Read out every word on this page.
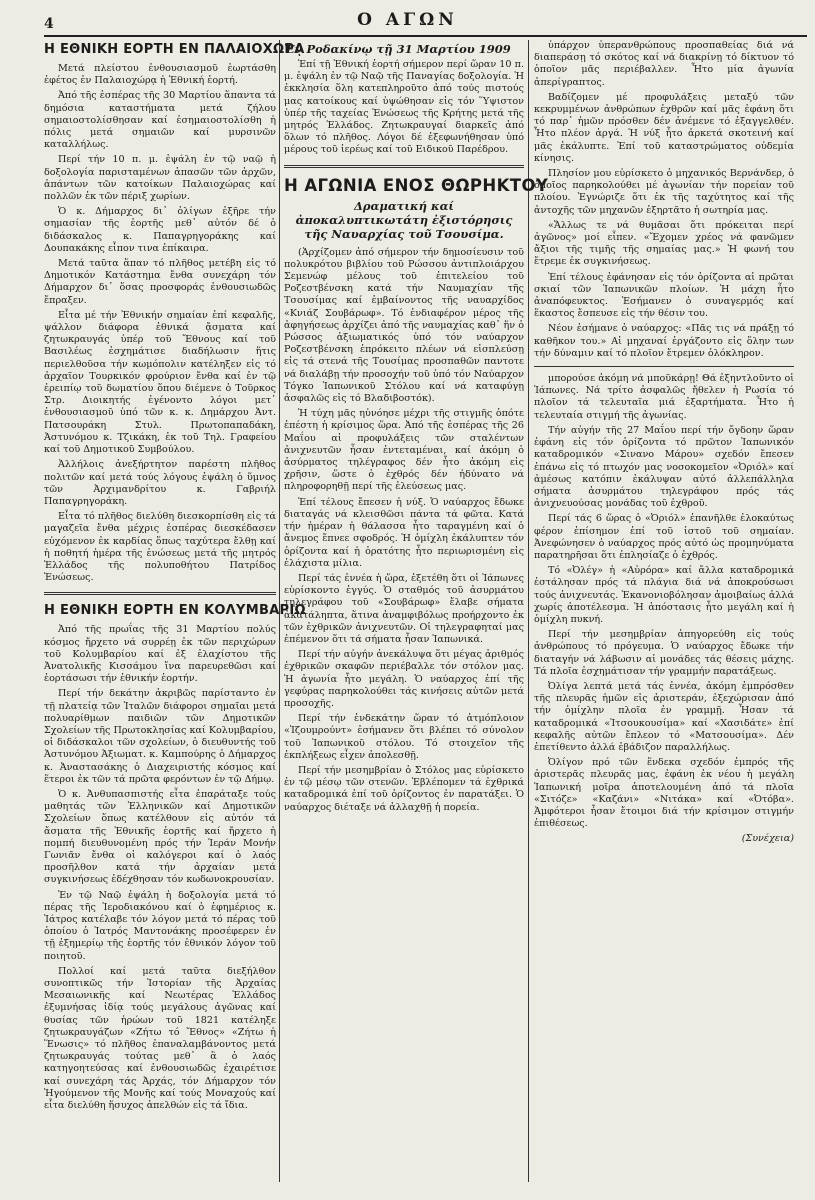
4	Ο ΑΓΩΝ
Η ΕΘΝΙΚΗ ΕΟΡΤΗ ΕΝ ΠΑΛΑΙΟΧΩΡᾼ

Μετά πλείστου ἐνθουσιασμοῦ ἑωρτάσθη ἐφέτος ἐν Παλαιοχώρᾳ ἡ Ἐθνική ἑορτή.

Ἀπό τῆς ἑσπέρας τῆς 30 Μαρτίου ἅπαντα τά δημόσια καταστήματα μετά ζήλου σημαιοστολίσθησαν καί ἐσημαιοστολίσθη ἡ πόλις μετά σημαιῶν καί μυρσινῶν καταλλήλως.

Περί τήν 10 π. μ. ἐψάλη ἐν τῷ ναῷ ἡ δοξολογία παρισταμένων ἁπασῶν τῶν ἀρχῶν, ἁπάντων τῶν κατοίκων Παλαιοχώρας καί πολλῶν ἐκ τῶν πέριξ χωρίων.

Ὁ κ. Δήμαρχος δι᾽ ὀλίγων ἐξῆρε τήν σημασίαν τῆς ἑορτῆς μεθ᾽ αὐτόν δέ ὁ διδάσκαλος κ. Παπαγρηγοράκης καί Δουπακάκης εἶπον τινα ἐπίκαιρα.

Μετά ταῦτα ἅπαν τό πλῆθος μετέβη εἰς τό Δημοτικόν Κατάστημα ἔνθα συνεχάρη τόν Δήμαρχον δι᾽ ὅσας προσφοράς ἐνθουσιωδῶς ἔπραξεν.

Εἶτα μέ τήν Ἐθνικήν σημαίαν ἐπί κεφαλῆς, ψάλλον διάφορα ἐθνικά ᾄσματα καί ζητωκραυγάς ὑπέρ τοῦ Ἔθνους καί τοῦ Βασιλέως ἐσχημάτισε διαδήλωσιν ἥτις περιελθοῦσα τήν κωμόπολιν κατέληξεν εἰς τό ἀρχαῖον Τουρκικόν φρούριον ἔνθα καί ἐν τῷ ἐρειπίῳ τοῦ δωματίου ὅπου διέμενε ὁ Τοῦρκος Στρ. Διοικητής ἐγένοντο λόγοι μετ᾽ ἐνθουσιασμοῦ ὑπό τῶν κ. κ. Δημάρχου Ἀντ. Πατσουράκη Στυλ. Πρωτοπαπαδάκη, Ἀστυνόμου κ. Τζικάκη, ἐκ τοῦ Τηλ. Γραφείου καί τοῦ Δημοτικοῦ Συμβούλου.

Ἀλλήλοις ἀνεξήρτητον παρέστη πλῆθος πολιτῶν καί μετά τούς λόγους ἐψάλη ὁ ὕμνος τῶν Ἀρχιμανδρίτου κ. Γαβριήλ Παπαγρηγοράκη.

Εἶτα τό πλῆθος διελύθη διεσκορπίσθη εἰς τά μαγαζεῖα ἔνθα μέχρις ἑσπέρας διεσκέδασεν εὐχόμενον ἐκ καρδίας ὅπως ταχύτερα ἔλθῃ καί ἡ ποθητή ἡμέρα τῆς ἑνώσεως μετά τῆς μητρός Ἑλλάδος τῆς πολυποθήτου Πατρίδος Ἑνώσεως.

Η ΕΘΝΙΚΗ ΕΟΡΤΗ ΕΝ ΚΟΛΥΜΒΑΡΙΩ

Ἀπό τῆς πρωΐας τῆς 31 Μαρτίου πολύς κόσμος ἤρχετο νά συρρέῃ ἐκ τῶν περιχώρων τοῦ Κολυμβαρίου καί ἐξ ἐλαχίστου τῆς Ἀνατολικῆς Κισσάμου ἵνα παρευρεθῶσι καί ἑορτάσωσι τήν ἐθνικήν ἑορτήν.

Περί τήν δεκάτην ἀκριβῶς παρίσταντο ἐν τῇ πλατείᾳ τῶν Ἰταλῶν διάφοροι σημαῖαι μετά πολυαρίθμων παιδιῶν τῶν Δημοτικῶν Σχολείων τῆς Πρωτοκλησίας καί Κολυμβαρίου, οἱ διδάσκαλοι τῶν σχολείων, ὁ διευθυντής τοῦ Ἀστυνόμου Ἀξιωματ. κ. Καμπούρης ὁ Δήμαρχος κ. Ἀναστασάκης ὁ Διαχειριστής κόσμος καί ἕτεροι ἐκ τῶν τά πρῶτα φερόντων ἐν τῷ Δήμῳ.

Ὁ κ. Ἀνθυπασπιστής εἶτα ἐπαράταξε τούς μαθητάς τῶν Ἑλληνικῶν καί Δημοτικῶν Σχολείων ὅπως κατέλθουν εἰς αὐτόν τά ἄσματα τῆς Ἐθνικῆς ἑορτῆς καί ἤρχετο ἡ πομπή διευθυνομένη πρός τήν Ἱεράν Μονήν Γωνιᾶν ἔνθα οἱ καλόγεροι καί ὁ λαός προσῆλθον κατά τήν ἀρχαίαν μετά συγκινήσεως ἐδέχθησαν τόν κωδωνοκρουσίαν.

Ἐν τῷ Ναῷ ἐψάλη ἡ δοξολογία μετά τό πέρας τῆς Ἱεροδιακόνου καί ὁ ἐφημέριος κ. Ἰάτρος κατέλαβε τόν λόγον μετά τό πέρας τοῦ ὁποίου ὁ Ἰατρός Μαντονάκης προσέφερεν ἐν τῇ ἐξημερίῳ τῆς ἑορτῆς τόν ἐθνικόν λόγον τοῦ ποιητοῦ.

Πολλοί καί μετά ταῦτα διεξήλθον συνοπτικῶς τήν Ἱστορίαν τῆς Ἀρχαίας Μεσαιωνικῆς καί Νεωτέρας Ἑλλάδος ἐξυμνήσας ἰδίᾳ τούς μεγάλους ἀγῶνας καί θυσίας τῶν ἡρώων τοῦ 1821 κατέληξε ζητωκραυγάζων «Ζήτω τό Ἔθνος» «Ζήτω ἡ Ἕνωσις» τό πλῆθος ἐπαναλαμβάνοντος μετά ζητωκραυγάς τούτας μεθ᾽ ἃ ὁ λαός κατηγοητεύσας καί ἐνθουσιωδῶς ἐχαιρέτισε καί συνεχάρη τάς Ἀρχάς, τόν Δήμαρχον τόν Ἡγούμενον τῆς Μονῆς καί τούς Μοναχούς καί εἶτα διελύθη ἥσυχος ἀπελθών εἰς τά ἴδια.

Ἐν Ροδακίνῳ τῇ 31 Μαρτίου 1909

Ἐπί τῇ Ἐθνική ἑορτή σήμερον περί ὥραν 10 π. μ. ἐψάλη ἐν τῷ Ναῷ τῆς Παναγίας δοξολογία. Ἡ ἐκκλησία ὅλη κατεπληροῦτο ἀπό τούς πιστούς μας κατοίκους καί ὑψώθησαν εἰς τόν Ὕψιστον ὑπέρ τῆς ταχείας Ἑνώσεως τῆς Κρήτης μετά τῆς μητρός Ἑλλάδος. Ζητωκραυγαί διαρκεῖς ἀπό ὅλων τό πλῆθος. Λόγοι δέ ἐξεφωνήθησαν ὑπό μέρους τοῦ ἱερέως καί τοῦ Ειδικοῦ Παρέδρου.

Η ΑΓΩΝΙΑ ΕΝΟΣ ΘΩΡΗΚΤΟΥ
Δραματική καί ἀποκαλυπτικωτάτη ἐξιστόρησις τῆς Ναυαρχίας τοῦ Τσουσίμα.

(Ἀρχίζομεν ἀπό σήμερον τήν δημοσίευσιν τοῦ πολυκρότου βιβλίου τοῦ Ρώσσου ἀντιπλοιάρχου Σεμενώφ μέλους τοῦ ἐπιτελείου τοῦ Ροζεστβένσκη κατά τήν Ναυμαχίαν τῆς Τσουσίμας καί ἐμβαίνοντος τῆς ναυαρχίδος «Κνιάζ Σουβάρωφ». Τό ἐνδιαφέρον μέρος τῆς ἀφηγήσεως ἀρχίζει ἀπό τῆς ναυμαχίας καθ᾽ ἥν ὁ Ρώσσος ἀξιωματικός ὑπό τόν ναύαρχον Ροζεστβένσκη ἐπρόκειτο πλέων νά εἰσπλεύσῃ εἰς τά στενά τῆς Τουσίμας προσπαθῶν παντοτε νά διαλάβῃ τήν προσοχήν τοῦ ὑπό τόν Ναύαρχον Τόγκο Ἰαπωνικοῦ Στόλου καί νά καταφύγῃ ἀσφαλῶς εἰς τό Βλαδιβοστόκ).

Ἡ τύχη μᾶς ηὐνόησε μέχρι τῆς στιγμῆς ὁπότε ἐπέστη ἡ κρίσιμος ὥρα. Ἀπό τῆς ἑσπέρας τῆς 26 Μαΐου αἱ προφυλάξεις τῶν σταλέντων ἀνιχνευτῶν ἦσαν ἐντεταμέναι, καί ἀκόμη ὁ ἀσύρματος τηλέγραφος δέν ἦτο ἀκόμη εἰς χρῆσιν, ὥστε ὁ ἐχθρός δέν ἠδύνατο νά πληροφορηθῇ περί τῆς ἐλεύσεως μας.

Ἐπί τέλους ἔπεσεν ἡ νύξ. Ὁ ναύαρχος ἔδωκε διαταγάς νά κλεισθῶσι πάντα τά φῶτα. Κατά τήν ἡμέραν ἡ θάλασσα ἦτο ταραγμένη καί ὁ ἄνεμος ἔπνεε σφοδρός. Ἡ ὁμίχλη ἐκάλυπτεν τόν ὁρίζοντα καί ἡ ὁρατότης ἦτο περιωρισμένη εἰς ἐλάχιστα μίλια.

Περί τάς ἐννέα ἡ ὥρα, ἐξετέθη ὅτι οἱ Ἰάπωνες εὑρίσκοντο ἐγγύς. Ὁ σταθμός τοῦ ἀσυρμάτου τηλεγράφου τοῦ «Σουβάρωφ» ἔλαβε σήματα ἀκατάληπτα, ἅτινα ἀναμφιβόλως προήρχοντο ἐκ τῶν ἐχθρικῶν ἀνιχνευτῶν. Οἱ τηλεγραφηταί μας ἐπέμενον ὅτι τά σήματα ἦσαν Ἰαπωνικά.

Περί τήν αὐγήν ἀνεκάλυψα ὅτι μέγας ἀριθμός ἐχθρικῶν σκαφῶν περιέβαλλε τόν στόλον μας. Ἡ ἀγωνία ἦτο μεγάλη. Ὁ ναύαρχος ἐπί τῆς γεφύρας παρηκολούθει τάς κινήσεις αὐτῶν μετά προσοχῆς.

Περί τήν ἑνδεκάτην ὥραν τό ἀτμόπλοιον «Ἰζουμρούντ» ἐσήμανεν ὅτι βλέπει τό σύνολον τοῦ Ἰαπωνικοῦ στόλου. Τό στοιχεῖον τῆς ἐκπλήξεως εἶχεν ἀπολεσθῇ.

Περί τήν μεσημβρίαν ὁ Στόλος μας εὑρίσκετο ἐν τῷ μέσῳ τῶν στενῶν. Ἐβλέπομεν τά ἐχθρικά καταδρομικά ἐπί τοῦ ὁρίζοντος ἐν παρατάξει. Ὁ ναύαρχος διέταξε νά ἀλλαχθῇ ἡ πορεία.

ὑπάρχον ὑπερανθρώπους προσπαθείας διά νά διαπεράσῃ τό σκότος καί νά διακρίνῃ τό δίκτυον τό ὁποῖον μᾶς περιέβαλλεν. Ἦτο μία ἀγωνία ἀπερίγραπτος.

Βαδίζομεν μέ προφυλάξεις μεταξύ τῶν κεκρυμμένων ἀνθρώπων ἐχθρῶν καί μᾶς ἐφάνη ὅτι τό παρ᾽ ἡμῶν πρόσθεν δέν ἀνέμενε τό ἐξαγγελθέν. Ἦτο πλέον ἀργά. Ἡ νύξ ἦτο ἀρκετά σκοτεινή καί μᾶς ἐκάλυπτε. Ἐπί τοῦ καταστρώματος οὐδεμία κίνησις.

Πλησίον μου εὑρίσκετο ὁ μηχανικός Βερνάνδερ, ὁ ὁποῖος παρηκολούθει μέ ἀγωνίαν τήν πορείαν τοῦ πλοίου. Ἐγνώριζε ὅτι ἐκ τῆς ταχύτητος καί τῆς ἀντοχῆς τῶν μηχανῶν ἐξηρτᾶτο ἡ σωτηρία μας.

«Ἄλλως τε νά θυμᾶσαι ὅτι πρόκειται περί ἀγῶνος» μοί εἶπεν. «Ἔχομεν χρέος νά φανῶμεν ἄξιοι τῆς τιμῆς τῆς σημαίας μας.» Ἡ φωνή του ἔτρεμε ἐκ συγκινήσεως.

Ἐπί τέλους ἐφάνησαν εἰς τόν ὁρίζοντα αἱ πρῶται σκιαί τῶν Ἰαπωνικῶν πλοίων. Ἡ μάχη ἦτο ἀναπόφευκτος. Ἐσήμανεν ὁ συναγερμός καί ἕκαστος ἔσπευσε εἰς τήν θέσιν του.

Νέον ἐσήμανε ὁ ναύαρχος: «Πᾶς τις νά πράξῃ τό καθῆκον του.» Αἱ μηχαναί ἐργάζοντο εἰς ὅλην των τήν δύναμιν καί τό πλοῖον ἔτρεμεν ὁλόκληρον.

μπορούσε ἀκόμη νά μποῦκάρῃ! Θά ἐξηντλοῦντο οἱ Ἰάπωνες. Νά τρίτο ἀσφαλῶς ἤθελεν ἡ Ρωσία τό πλοῖον τά τελευταῖα μιά ἐξαρτήματα. Ἦτο ἡ τελευταία στιγμή τῆς ἀγωνίας.

Τήν αὐγήν τῆς 27 Μαΐου περί τήν ὄγδοην ὥραν ἐφάνη εἰς τόν ὁρίζοντα τό πρῶτον Ἰαπωνικόν καταδρομικόν «Σινανο Μάρου» σχεδόν ἔπεσεν ἐπάνω εἰς τό πτωχόν μας νοσοκομεῖον «Ὀριόλ» καί ἀμέσως κατόπιν ἐκάλυψαν αὐτό ἀλλεπάλληλα σήματα ἀσυρμάτου τηλεγράφου πρός τάς ἀνιχνευούσας μονάδας τοῦ ἐχθροῦ.

Περί τάς 6 ὥρας ὁ «Ὀριόλ» ἐπανῆλθε ἐλοκαύτως φέρον ἐπίσημον ἐπί τοῦ ἰστοῦ τοῦ σημαίαν. Ἀνεφώνησεν ὁ ναύαρχος πρός αὐτό ὡς προμηνύματα παρατηρῆσαι ὅτι ἐπλησίαζε ὁ ἐχθρός.

Τό «Ὀλέγ» ἡ «Αὐρόρα» καί ἄλλα καταδρομικά ἐστάλησαν πρός τά πλάγια διά νά ἀποκρούσωσι τούς ἀνιχνευτάς. Ἐκανονιοβόλησαν ἀμοιβαίως ἀλλά χωρίς ἀποτέλεσμα. Ἡ ἀπόστασις ἦτο μεγάλη καί ἡ ὁμίχλη πυκνή.

Περί τήν μεσημβρίαν ἀπηγορεύθη εἰς τούς ἀνθρώπους τό πρόγευμα. Ὁ ναύαρχος ἔδωκε τήν διαταγήν νά λάβωσιν αἱ μονάδες τάς θέσεις μάχης. Τά πλοῖα ἐσχημάτισαν τήν γραμμήν παρατάξεως.

Ὀλίγα λεπτά μετά τάς ἐννέα, ἀκόμη ἐμπρόσθεν τῆς πλευρᾶς ἡμῶν εἰς ἀριστεράν, ἐξεχώρισαν ἀπό τήν ὁμίχλην πλοῖα ἐν γραμμῇ. Ἦσαν τά καταδρομικά «Ἰτσουκουσίμα» καί «Χασιδάτε» ἐπί κεφαλῆς αὐτῶν ἔπλεον τό «Ματσουσίμα». Δέν ἐπετίθεντο ἀλλά ἐβάδιζον παραλλήλως.

Ὀλίγον πρό τῶν ἕνδεκα σχεδόν ἐμπρός τῆς ἀριστερᾶς πλευρᾶς μας, ἐφάνη ἐκ νέου ἡ μεγάλη Ἰαπωνική μοῖρα ἀποτελουμένη ἀπό τά πλοῖα «Σιτόζε» «Καζάνι» «Νιτάκα» καί «Ὀτόβα». Ἀμφότεροι ἦσαν ἔτοιμοι διά τήν κρίσιμον στιγμήν ἐπιθέσεως.

(Συνέχεια)
